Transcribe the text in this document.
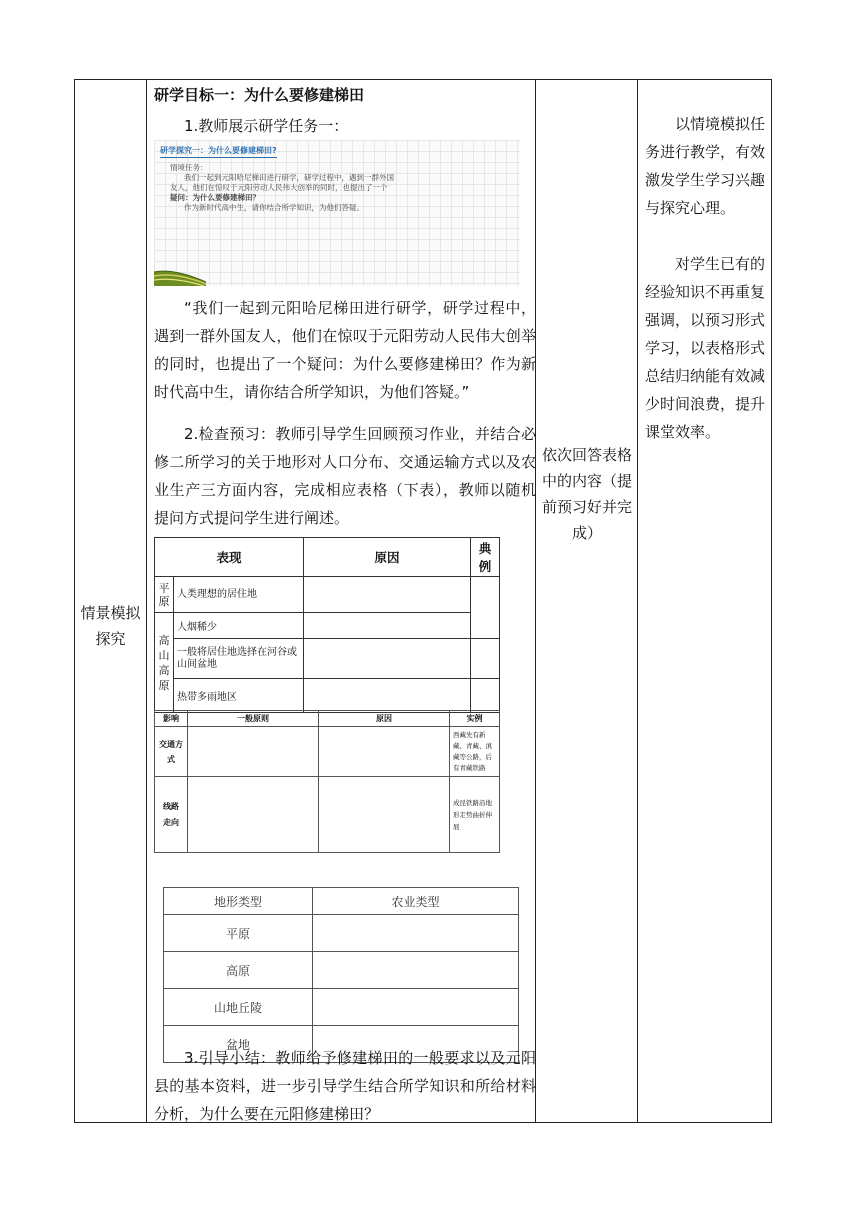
情景模拟探究
依次回答表格中的内容（提前预习好并完成）

以情境模拟任务进行教学，有效激发学生学习兴趣与探究心理。

对学生已有的经验知识不再重复强调，以预习形式学习，以表格形式总结归纳能有效减少时间浪费，提升课堂效率。

研学目标一：为什么要修建梯田

1.教师展示研学任务一：

研学探究一：为什么要修建梯田?
情境任务：
我们一起到元阳哈尼梯田进行研学，研学过程中，遇到一群外国
友人，他们在惊叹于元阳劳动人民伟大创举的同时，也提出了一个
疑问：为什么要修建梯田？
作为新时代高中生，请你结合所学知识，为他们答疑。

“我们一起到元阳哈尼梯田进行研学，研学过程中，遇到一群外国友人，他们在惊叹于元阳劳动人民伟大创举的同时，也提出了一个疑问：为什么要修建梯田？作为新时代高中生，请你结合所学知识，为他们答疑。”

2.检查预习：教师引导学生回顾预习作业，并结合必修二所学习的关于地形对人口分布、交通运输方式以及农业生产三方面内容，完成相应表格（下表），教师以随机提问方式提问学生进行阐述。

表现		原因	典例
平原	人类理想的居住地		
高山高原	人烟稀少		
	一般将居住地选择在河谷或山间盆地		
	热带多雨地区		
影响	一般原则	原因	实例
交通方式			西藏先有新藏、青藏、滇藏等公路，后有青藏铁路
线路走向			成昆铁路沿地形走势曲折伸展
地形类型	农业类型
平原	
高原	
山地丘陵	
盆地	

3.引导小结：教师给予修建梯田的一般要求以及元阳县的基本资料，进一步引导学生结合所学知识和所给材料分析，为什么要在元阳修建梯田？
